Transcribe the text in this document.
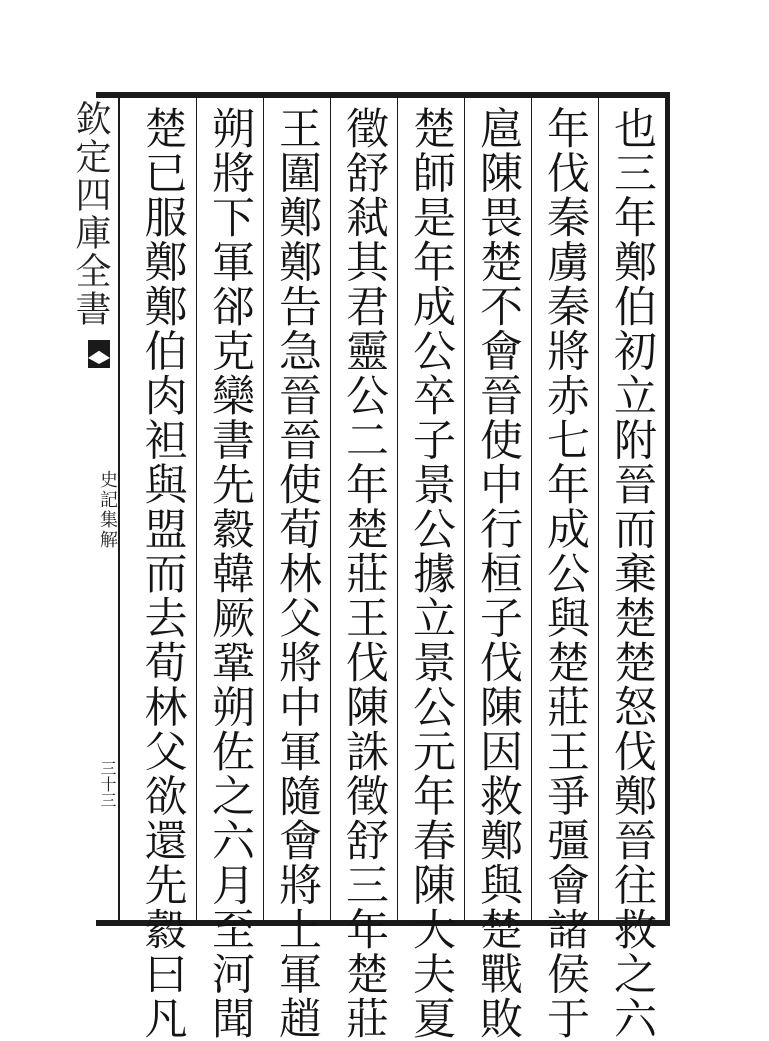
欽定四庫全書
史記集解
三十三	也三年鄭伯初立附晉而棄楚楚怒伐鄭晉往救之六
年伐秦虜秦將赤七年成公與楚莊王爭彊會諸侯于
扈陳畏楚不會晉使中行桓子伐陳因救鄭與楚戰敗
楚師是年成公卒子景公據立景公元年春陳大夫夏
徵舒弒其君靈公二年楚莊王伐陳誅徵舒三年楚莊
王圍鄭鄭告急晉晉使荀林父將中軍隨會將上軍趙
朔將下軍郤克欒書先縠韓厥鞏朔佐之六月至河聞
楚已服鄭鄭伯肉袒與盟而去荀林父欲還先縠曰凡
